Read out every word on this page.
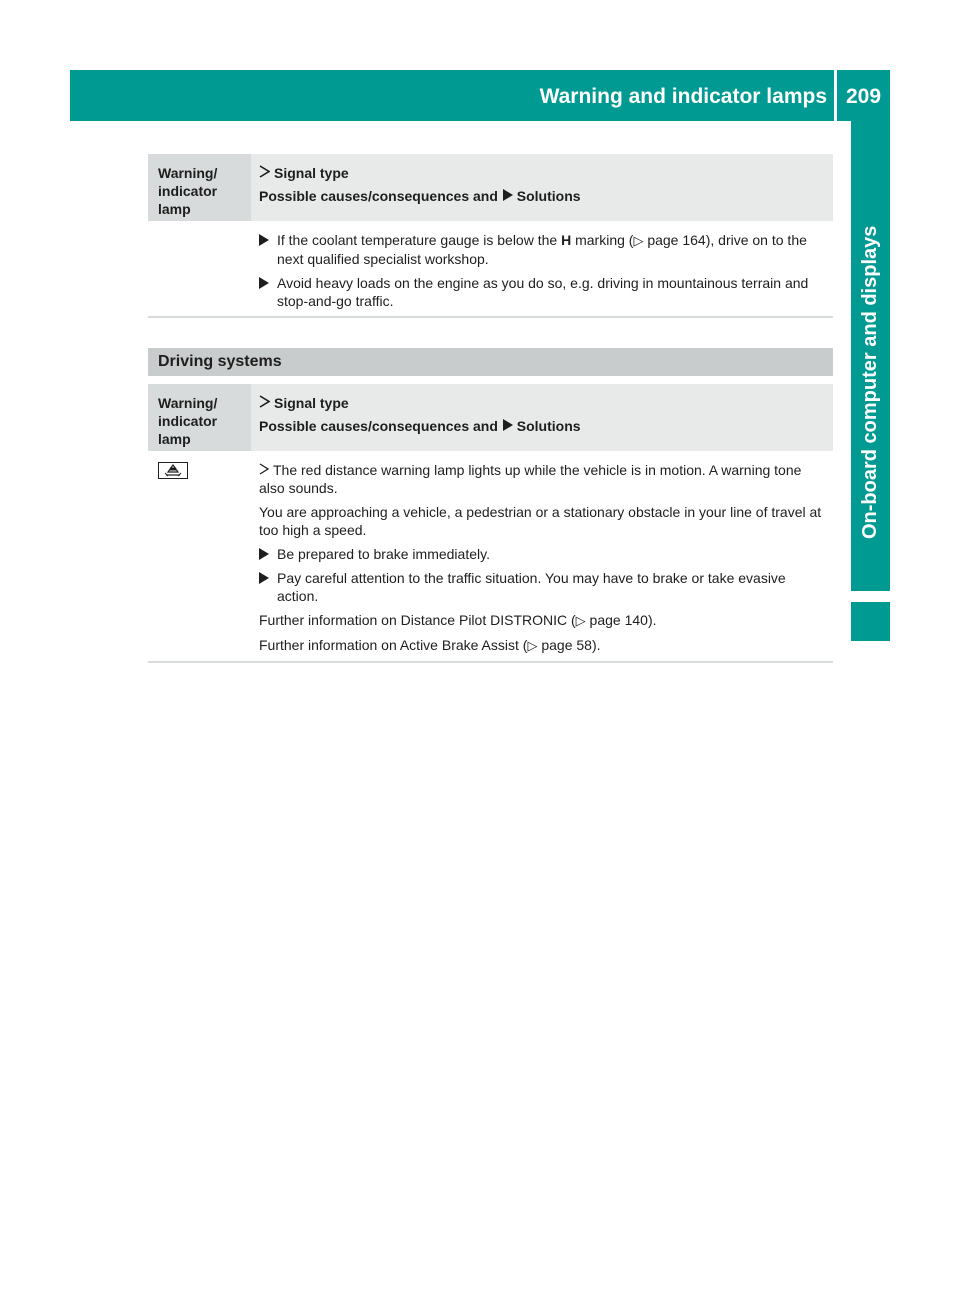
Warning and indicator lamps 209
On-board computer and displays
Warning/ indicator lamp
Signal type
Possible causes/consequences and Solutions
If the coolant temperature gauge is below the H marking (▷ page 164), drive on to the next qualified specialist workshop.
Avoid heavy loads on the engine as you do so, e.g. driving in mountainous terrain and stop-and-go traffic.
Driving systems
Warning/ indicator lamp
Signal type
Possible causes/consequences and Solutions

The red distance warning lamp lights up while the vehicle is in motion. A warning tone also sounds.

You are approaching a vehicle, a pedestrian or a stationary obstacle in your line of travel at too high a speed.

Be prepared to brake immediately.
Pay careful attention to the traffic situation. You may have to brake or take evasive action.

Further information on Distance Pilot DISTRONIC (▷ page 140).

Further information on Active Brake Assist (▷ page 58).
